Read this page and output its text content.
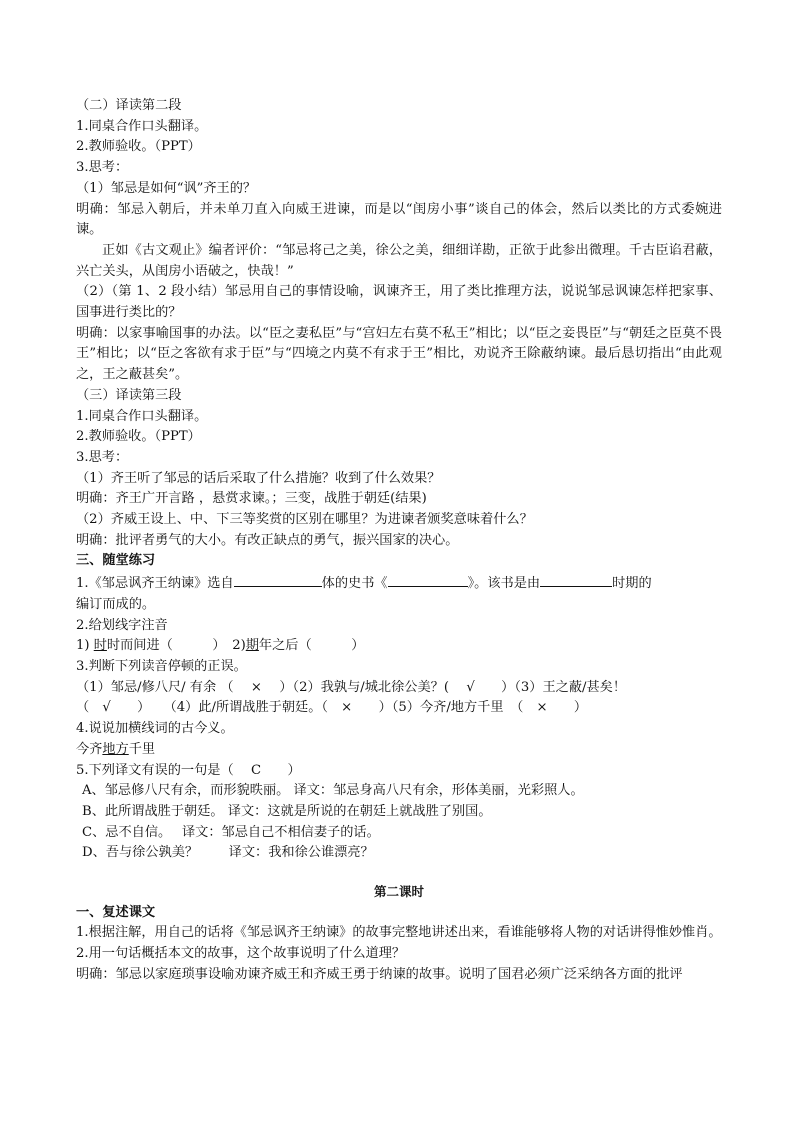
（二）译读第二段
1.同桌合作口头翻译。
2.教师验收。（PPT）
3.思考：
（1）邹忌是如何“讽”齐王的？
明确：邹忌入朝后，并未单刀直入向威王进谏，而是以“闺房小事”谈自己的体会，然后以类比的方式委婉进谏。
正如《古文观止》编者评价：“邹忌将己之美，徐公之美，细细详勘，正欲于此参出微理。千古臣谄君蔽，兴亡关头，从闺房小语破之，快哉！”
（2）（第 1、2 段小结）邹忌用自己的事情设喻，讽谏齐王，用了类比推理方法，说说邹忌讽谏怎样把家事、国事进行类比的？
明确：以家事喻国事的办法。以“臣之妻私臣”与“宫妇左右莫不私王”相比；以“臣之妾畏臣”与“朝廷之臣莫不畏王”相比；以“臣之客欲有求于臣”与“四境之内莫不有求于王”相比，劝说齐王除蔽纳谏。最后恳切指出“由此观之，王之蔽甚矣”。
（三）译读第三段
1.同桌合作口头翻译。
2.教师验收。（PPT）
3.思考：
（1）齐王听了邹忌的话后采取了什么措施？收到了什么效果？
明确：齐王广开言路 ，悬赏求谏。；三变，战胜于朝廷(结果)
（2）齐威王设上、中、下三等奖赏的区别在哪里？为进谏者颁奖意味着什么？
明确：批评者勇气的大小。有改正缺点的勇气，振兴国家的决心。
三、随堂练习
1.《邹忌讽齐王纳谏》选自	体的史书《	》。该书是由	时期的
编订而成的。
2.给划线字注音
1) 时时而间进（　　　）　2)期年之后（　　　）
3.判断下列读音停顿的正误。
（1）邹忌/修八尺/ 有余 （　 ×　 ）（2）我孰与/城北徐公美？(　 √　　）（3）王之蔽/甚矣！
（　√　　）　　（4）此/所谓战胜于朝廷。（　×　　）（5）今齐/地方千里　（　×　　）
4.说说加横线词的古今义。
今齐地方千里
5.下列译文有误的一句是（　 C　　）
A、邹忌修八尺有余，而形貌昳丽。 译文：邹忌身高八尺有余，形体美丽，光彩照人。
B、此所谓战胜于朝廷。 译文：这就是所说的在朝廷上就战胜了别国。
C、忌不自信。　 译文：邹忌自己不相信妻子的话。
D、吾与徐公孰美？　　 译文：我和徐公谁漂亮？
第二课时
一、复述课文
1.根据注解，用自己的话将《邹忌讽齐王纳谏》的故事完整地讲述出来，看谁能够将人物的对话讲得惟妙惟肖。
2.用一句话概括本文的故事，这个故事说明了什么道理？
明确：邹忌以家庭琐事设喻劝谏齐威王和齐威王勇于纳谏的故事。说明了国君必须广泛采纳各方面的批评
